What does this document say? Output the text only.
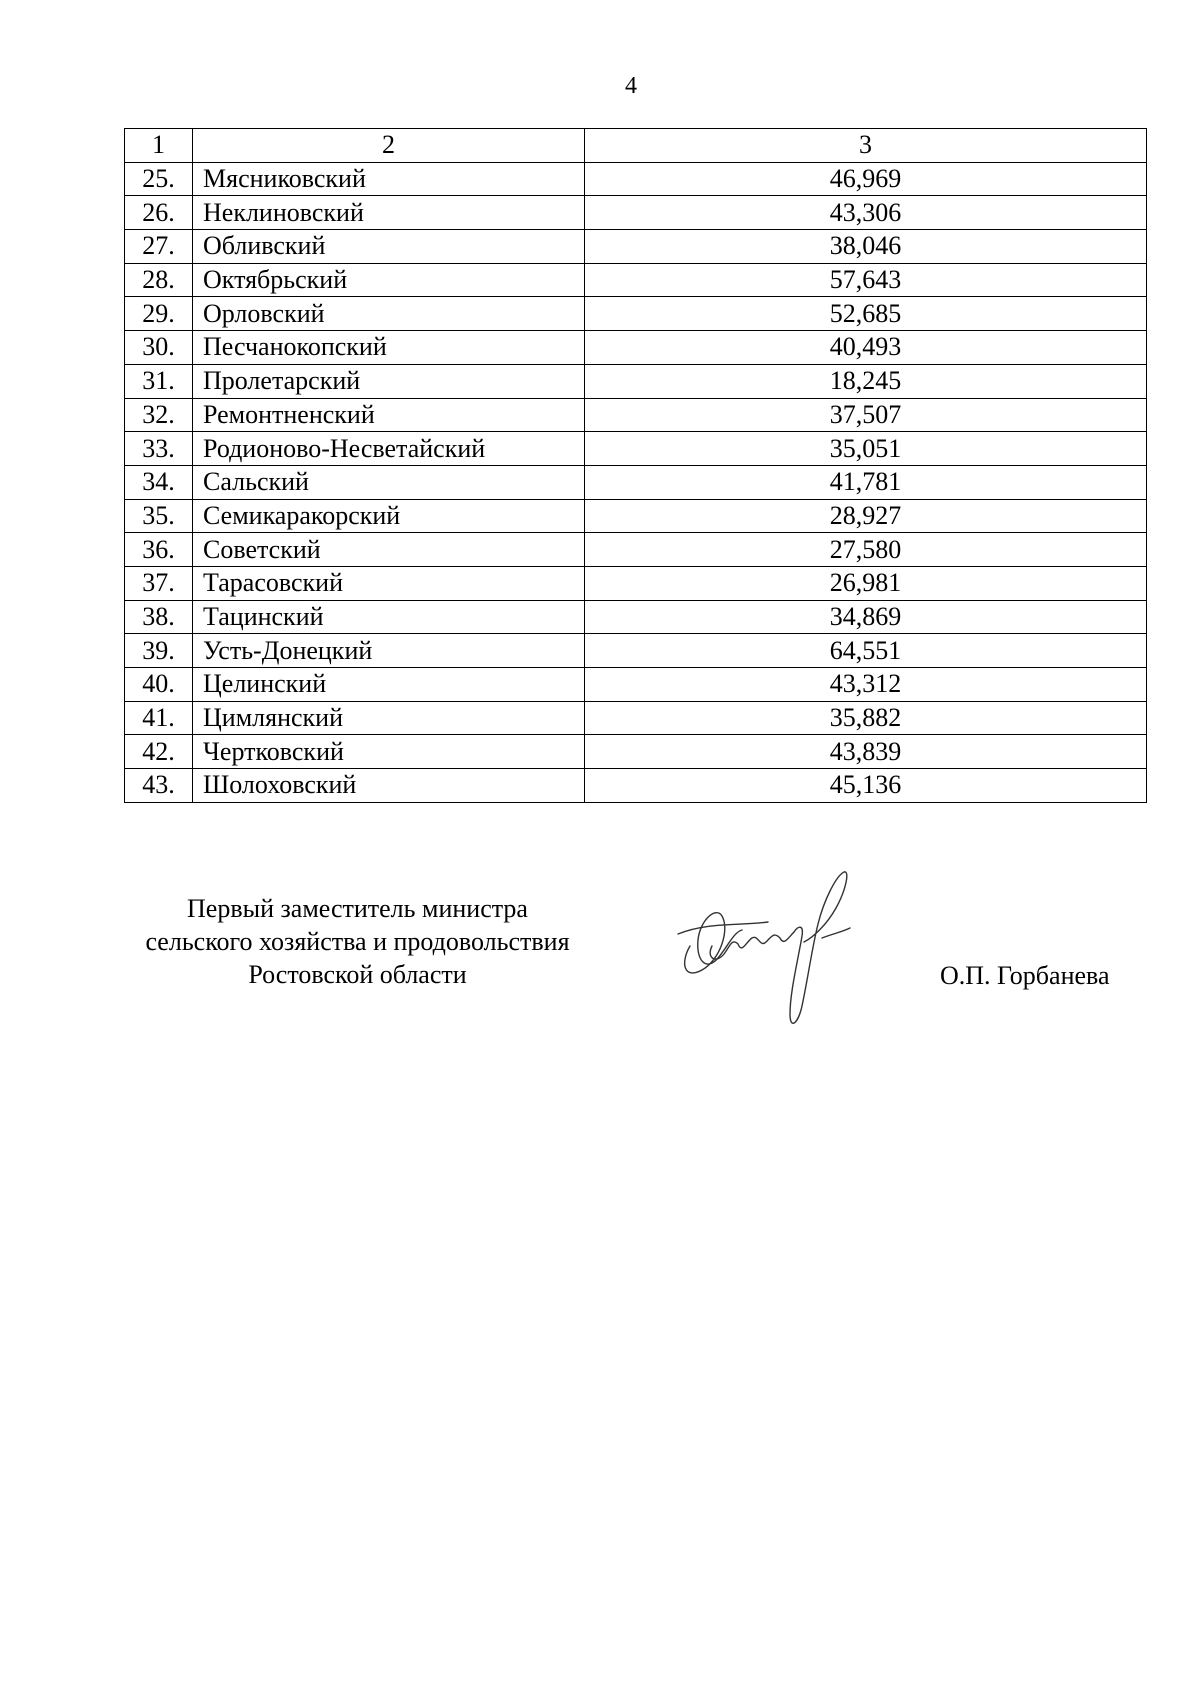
4
1	2	3
25.	Мясниковский	46,969
26.	Неклиновский	43,306
27.	Обливский	38,046
28.	Октябрьский	57,643
29.	Орловский	52,685
30.	Песчанокопский	40,493
31.	Пролетарский	18,245
32.	Ремонтненский	37,507
33.	Родионово-Несветайский	35,051
34.	Сальский	41,781
35.	Семикаракорский	28,927
36.	Советский	27,580
37.	Тарасовский	26,981
38.	Тацинский	34,869
39.	Усть-Донецкий	64,551
40.	Целинский	43,312
41.	Цимлянский	35,882
42.	Чертковский	43,839
43.	Шолоховский	45,136
Первый заместитель министра
сельского хозяйства и продовольствия
Ростовской области	О.П. Горбанева
